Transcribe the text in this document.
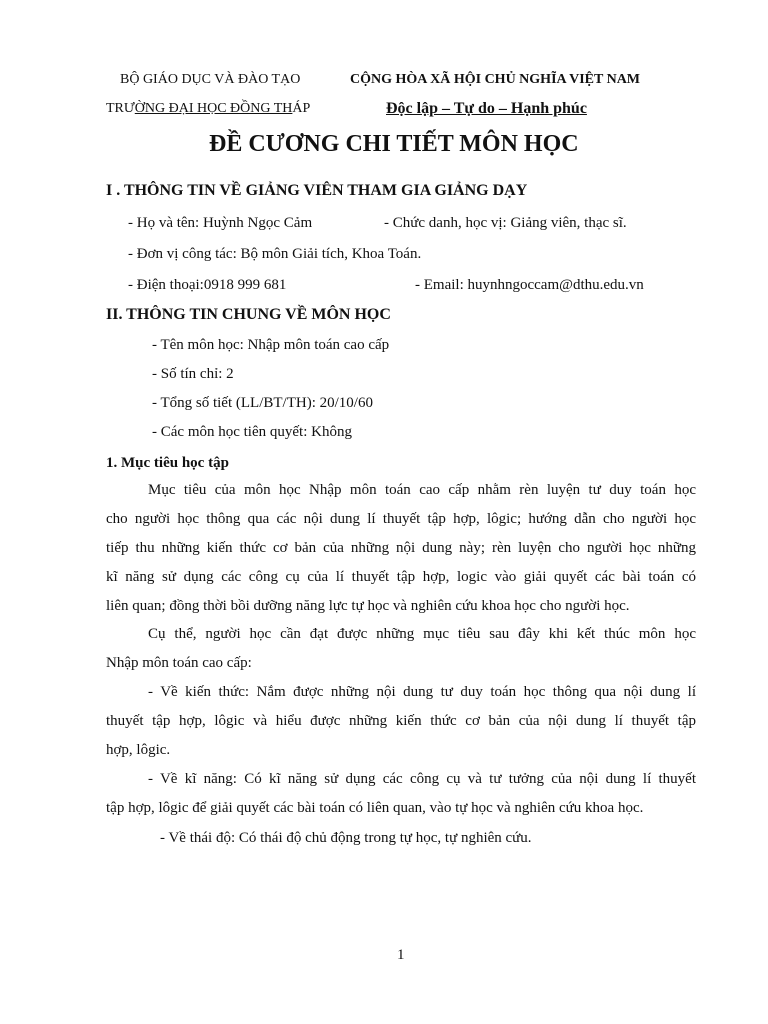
BỘ GIÁO DỤC VÀ ĐÀO TẠO
TRƯỜNG ĐẠI HỌC ĐỒNG THÁP
CỘNG HÒA XÃ HỘI CHỦ NGHĨA VIỆT NAM
Độc lập – Tự do – Hạnh phúc
ĐỀ CƯƠNG CHI TIẾT MÔN HỌC
I . THÔNG TIN VỀ GIẢNG VIÊN THAM GIA GIẢNG DẠY
- Họ và tên: Huỳnh Ngọc Cảm	- Chức danh, học vị: Giảng viên, thạc sĩ.
- Đơn vị công tác: Bộ môn Giải tích, Khoa Toán.
- Điện thoại:0918 999 681	- Email: huynhngoccam@dthu.edu.vn
II. THÔNG TIN CHUNG VỀ MÔN HỌC
- Tên môn học: Nhập môn toán cao cấp
- Số tín chỉ: 2
- Tổng số tiết (LL/BT/TH): 20/10/60
- Các môn học tiên quyết: Không
1. Mục tiêu học tập
Mục tiêu của môn học Nhập môn toán cao cấp nhằm rèn luyện tư duy toán học
cho người học thông qua các nội dung lí thuyết tập hợp, lôgic; hướng dẫn cho người học
tiếp thu những kiến thức cơ bản của những nội dung này; rèn luyện cho người học những
kĩ năng sử dụng các công cụ của lí thuyết tập hợp, logic vào giải quyết các bài toán có
liên quan; đồng thời bồi dưỡng năng lực tự học và nghiên cứu khoa học cho người học.
Cụ thể, người học cần đạt được những mục tiêu sau đây khi kết thúc môn học
Nhập môn toán cao cấp:
- Về kiến thức: Nắm được những nội dung tư duy toán học thông qua nội dung lí
thuyết tập hợp, lôgic và hiểu được những kiến thức cơ bản của nội dung lí thuyết tập
hợp, lôgic.
- Về kĩ năng: Có kĩ năng sử dụng các công cụ và tư tưởng của nội dung lí thuyết
tập hợp, lôgic để giải quyết các bài toán có liên quan, vào tự học và nghiên cứu khoa học.
- Về thái độ: Có thái độ chủ động trong tự học, tự nghiên cứu.
1
